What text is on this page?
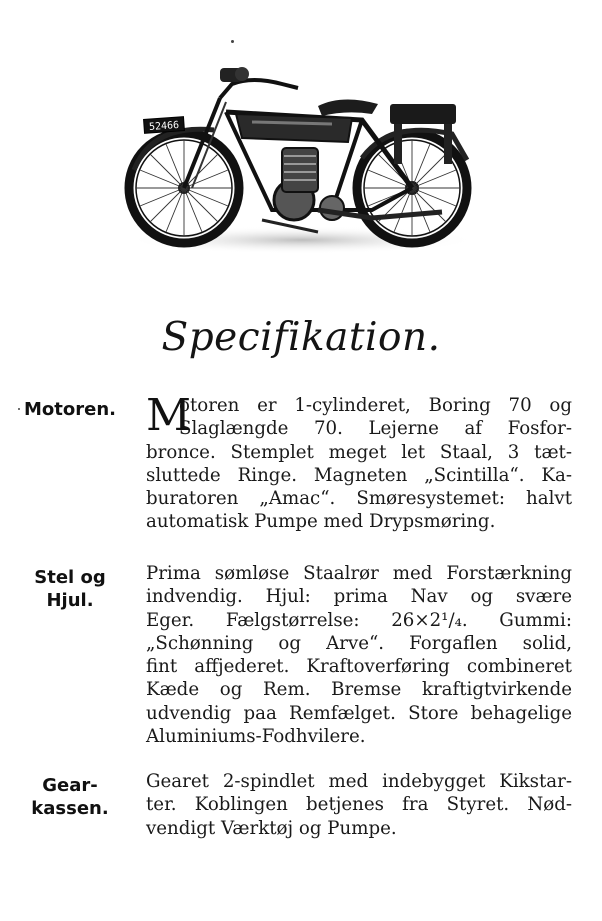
52466
Specifikation.
Motoren. M
otoren er 1-cylinderet, Boring 70 og
Slaglængde 70. Lejerne af Fosfor-
bronce. Stemplet meget let Staal, 3 tæt-
sluttede Ringe. Magneten „Scintilla“. Ka-
buratoren „Amac“. Smøresystemet: halvt
automatisk Pumpe med Drypsmøring.
Stel og
Hjul.
Prima sømløse Staalrør med Forstærkning
indvendig. Hjul: prima Nav og svære
Eger. Fælgstørrelse: 26×2¹/₄. Gummi:
„Schønning og Arve“. Forgaflen solid,
fint affjederet. Kraftoverføring combineret
Kæde og Rem. Bremse kraftigtvirkende
udvendig paa Remfælget. Store behagelige
Aluminiums-Fodhvilere.
Gear-
kassen.
Gearet 2-spindlet med indebygget Kikstar-
ter. Koblingen betjenes fra Styret. Nød-
vendigt Værktøj og Pumpe.
